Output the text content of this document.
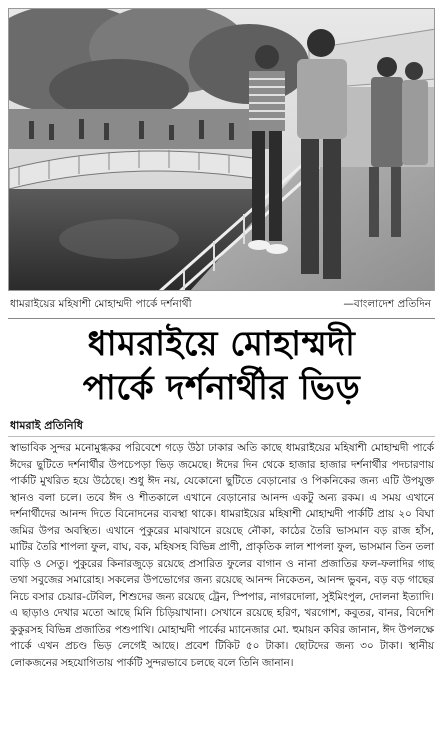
ধামরাইয়ের মহিষাশী মোহাম্মদী পার্কে দর্শনার্থী	—বাংলাদেশ প্রতিদিন
ধামরাইয়ে মোহাম্মদী
পার্কে দর্শনার্থীর ভিড়
ধামরাই প্রতিনিধি

স্বাভাবিক সুন্দর মনোমুগ্ধকর পরিবেশে গড়ে উঠা ঢাকার অতি কাছে ধামরাইয়ের মহিষাশী মোহাম্মদী পার্কে ঈদের ছুটিতে দর্শনার্থীর উপচেপড়া ভিড় জমেছে। ঈদের দিন থেকে হাজার হাজার দর্শনার্থীর পদচারণায় পার্কটি মুখরিত হয়ে উঠেছে। শুধু ঈদ নয়, যেকোনো ছুটিতে বেড়ানোর ও পিকনিকের জন্য এটি উপযুক্ত স্থানও বলা চলে। তবে ঈদ ও শীতকালে এখানে বেড়ানোর আনন্দ একটু অন্য রকম। এ সময় এখানে দর্শনার্থীদের আনন্দ দিতে বিনোদনের ব্যবস্থা থাকে। ধামরাইয়ের মহিষাশী মোহাম্মদী পার্কটি প্রায় ২০ বিঘা জমির উপর অবস্থিত। এখানে পুকুরের মাঝখানে রয়েছে নৌকা, কাঠের তৈরি ভাসমান বড় রাজ হাঁস, মাটির তৈরি শাপলা ফুল, বাঘ, বক, মহিষসহ বিভিন্ন প্রাণী, প্রাকৃতিক লাল শাপলা ফুল, ভাসমান তিন তলা বাড়ি ও সেতু। পুকুরের কিনারজুড়ে রয়েছে প্রসারিত ফুলের বাগান ও নানা প্রজাতির ফল-ফলাদির গাছ তথা সবুজের সমারোহ। সকলের উপভোগের জন্য রয়েছে আনন্দ নিকেতন, আনন্দ ভুবন, বড় বড় গাছের নিচে বসার চেয়ার-টেবিল, শিশুদের জন্য রয়েছে ট্রেন, স্পিপার, নাগরদোলা, সুইমিংপুল, দোলনা ইত্যাদি। এ ছাড়াও দেখার মতো আছে মিনি চিড়িয়াখানা। সেখানে রয়েছে হরিণ, খরগোশ, কবুতর, বানর, বিদেশি কুকুরসহ বিভিন্ন প্রজাতির পশুপাখি। মোহাম্মদী পার্কের ম্যানেজার মো. হুমায়ন কবির জানান, ঈদ উপলক্ষে পার্কে এখন প্রচণ্ড ভিড় লেগেই আছে। প্রবেশ টিকিট ৫০ টাকা। ছোটদের জন্য ৩০ টাকা। স্থানীয় লোকজনের সহযোগিতায় পার্কটি সুন্দরভাবে চলছে বলে তিনি জানান।
